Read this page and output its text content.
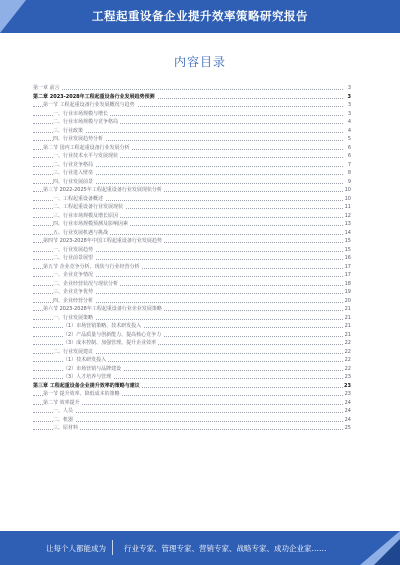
工程起重设备企业提升效率策略研究报告
内容目录
第一章 前言	3
第二章 2023-2028年工程起重设备行业发展趋势预测	3
第一节 工程起重设备行业发展概况与趋势	3
一、行业市场规模与增长	3
二、行业市场规模与竞争格局	4
三、行业政策	4
四、行业发展趋势分析	5
第二节 国内工程起重设备行业发展分析	6
一、行业技术水平与发展现状	6
二、行业竞争格局	7
三、行业进入壁垒	8
四、行业发展前景	9
第三节 2022-2025年工程起重设备行业发展现状分析	10
一、工程起重设备概述	10
二、工程起重设备行业发展现状	11
三、行业市场规模及增长原因	12
四、行业市场规模预测及影响因素	13
五、行业发展机遇与挑战	14
第四节 2023-2028年中国工程起重设备行业发展趋势	15
一、行业发展趋势	15
二、行业前景展望	16
第五节 企业竞争分析、现状与行业经营分析	17
一、企业竞争情况	17
二、企业经营状况与现状分析	18
三、企业竞争优势	19
四、企业经营分析	20
第六节 2023-2028年工程起重设备行业企业发展策略	21
一、行业发展策略	21
（1）市场营销策略、技术研发投入	21
（2）产品质量与创新能力、提高核心竞争力	21
（3）成本控制、加强管理、提升企业效率	22
二、行业发展建议	22
（1）技术研发投入	22
（2）市场营销与品牌建设	22
（3）人才培养与管理	23
第三章 工程起重设备企业提升效率的策略与建议	23
第一节 提升效率、降低成本的策略	23
第二节 效率提升	24
一、人员	24
二、机器	24
三、原材料	25
让每个人都能成为 行业专家、管理专家、营销专家、战略专家、成功企业家……
